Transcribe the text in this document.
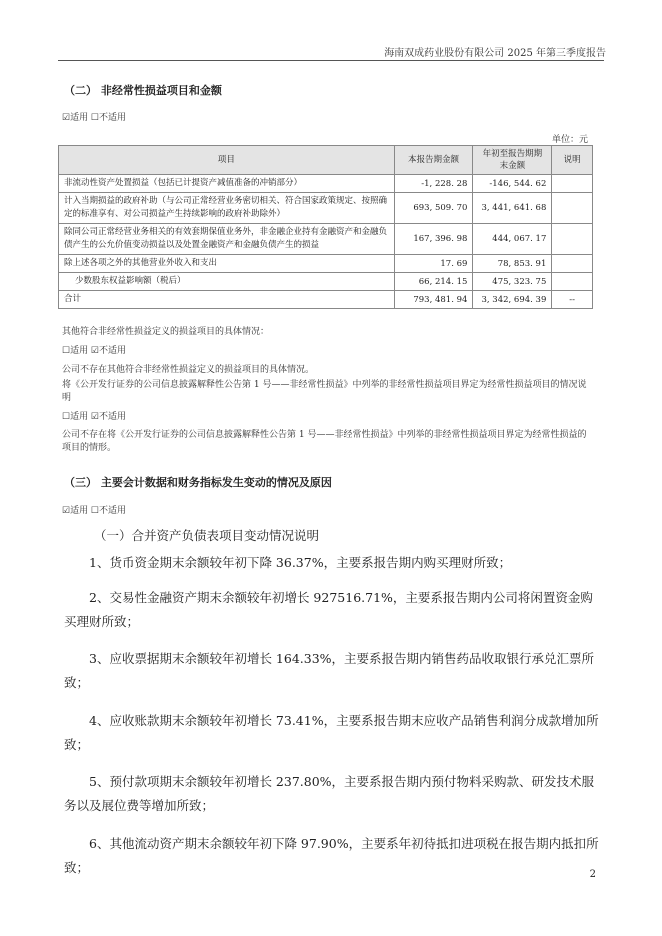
海南双成药业股份有限公司 2025 年第三季度报告
（二） 非经常性损益项目和金额
☑适用 ☐不适用
单位：元
项目	本报告期金额	年初至报告期期末金额	说明
非流动性资产处置损益（包括已计提资产减值准备的冲销部分）	-1, 228. 28	-146, 544. 62	
计入当期损益的政府补助（与公司正常经营业务密切相关、符合国家政策规定、按照确定的标准享有、对公司损益产生持续影响的政府补助除外）	693, 509. 70	3, 441, 641. 68	
除同公司正常经营业务相关的有效套期保值业务外，非金融企业持有金融资产和金融负债产生的公允价值变动损益以及处置金融资产和金融负债产生的损益	167, 396. 98	444, 067. 17	
除上述各项之外的其他营业外收入和支出	17. 69	78, 853. 91	
少数股东权益影响额（税后）	66, 214. 15	475, 323. 75	
合计	793, 481. 94	3, 342, 694. 39	--
其他符合非经常性损益定义的损益项目的具体情况：
☐适用 ☑不适用
公司不存在其他符合非经常性损益定义的损益项目的具体情况。
将《公开发行证券的公司信息披露解释性公告第 1 号——非经常性损益》中列举的非经常性损益项目界定为经常性损益项目的情况说明
☐适用 ☑不适用
公司不存在将《公开发行证券的公司信息披露解释性公告第 1 号——非经常性损益》中列举的非经常性损益项目界定为经常性损益的项目的情形。
（三） 主要会计数据和财务指标发生变动的情况及原因
☑适用 ☐不适用
（一）合并资产负债表项目变动情况说明
1、货币资金期末余额较年初下降 36.37%，主要系报告期内购买理财所致；
2、交易性金融资产期末余额较年初增长 927516.71%，主要系报告期内公司将闲置资金购买理财所致；
3、应收票据期末余额较年初增长 164.33%，主要系报告期内销售药品收取银行承兑汇票所致；
4、应收账款期末余额较年初增长 73.41%，主要系报告期末应收产品销售利润分成款增加所致；
5、预付款项期末余额较年初增长 237.80%，主要系报告期内预付物料采购款、研发技术服务以及展位费等增加所致；
6、其他流动资产期末余额较年初下降 97.90%，主要系年初待抵扣进项税在报告期内抵扣所致；	2
